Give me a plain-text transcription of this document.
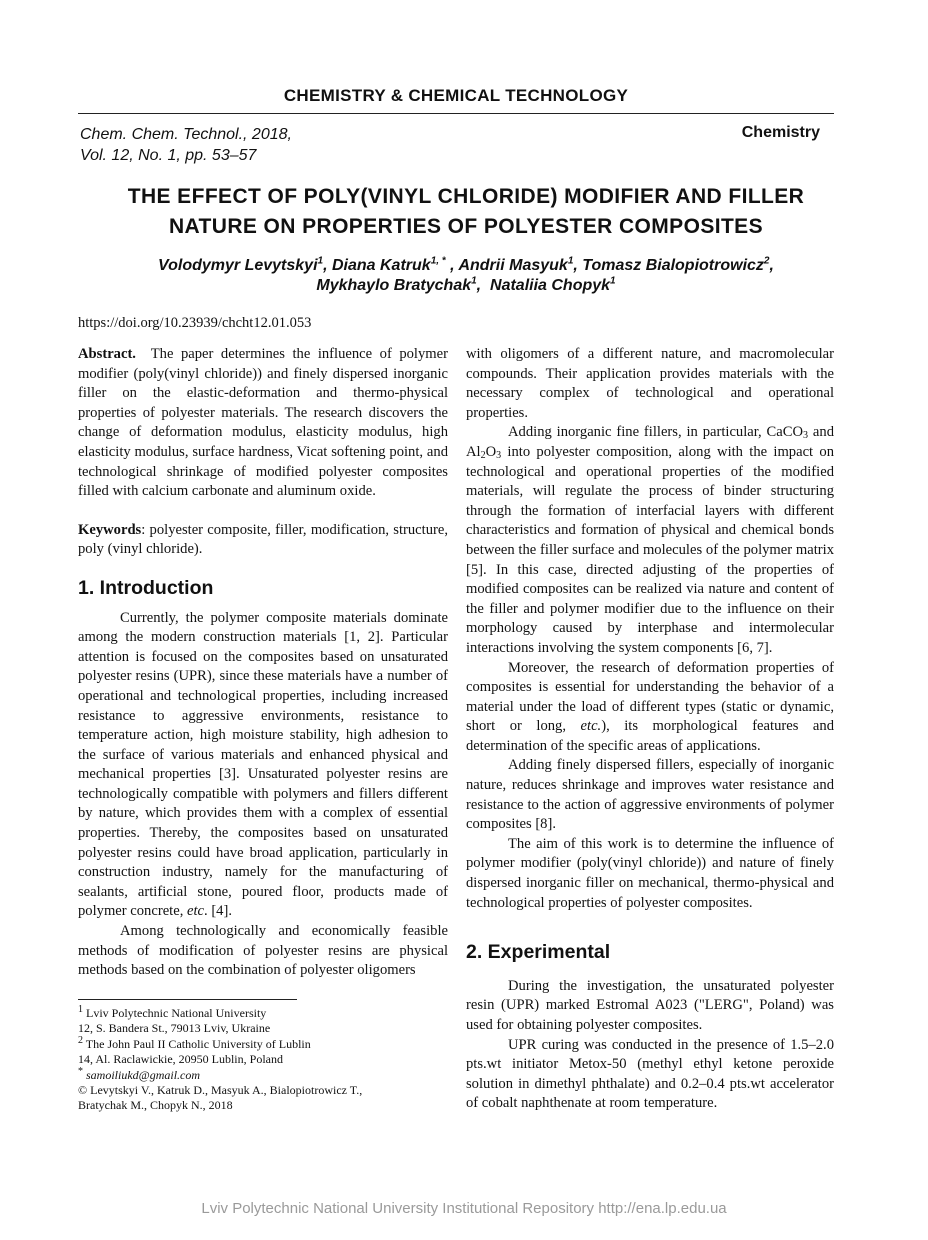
CHEMISTRY & CHEMICAL TECHNOLOGY
Chem. Chem. Technol., 2018,
Vol. 12, No. 1, pp. 53–57
Chemistry
THE EFFECT OF POLY(VINYL CHLORIDE) MODIFIER AND FILLER
NATURE ON PROPERTIES OF POLYESTER COMPOSITES
Volodymyr Levytskyi$^1$, Diana Katruk$^{1, *}$ , Andrii Masyuk$^1$, Tomasz Bialopiotrowicz$^2$,
Mykhaylo Bratychak$^1$,  Nataliia Chopyk$^1$
https://doi.org/10.23939/chcht12.01.053

Abstract. The paper determines the influence of polymer modifier (poly(vinyl chloride)) and finely dispersed inorganic filler on the elastic-deformation and thermo-physical properties of polyester materials. The research discovers the change of deformation modulus, elasticity modulus, high elasticity modulus, surface hardness, Vicat softening point, and technological shrinkage of modified polyester composites filled with calcium carbonate and aluminum oxide.

Keywords: polyester composite, filler, modification, structure, poly (vinyl chloride).

1. Introduction

Currently, the polymer composite materials dominate among the modern construction materials [1, 2]. Particular attention is focused on the composites based on unsaturated polyester resins (UPR), since these materials have a number of operational and technological properties, including increased resistance to aggressive environments, resistance to temperature action, high moisture stability, high adhesion to the surface of various materials and enhanced physical and mechanical properties [3]. Unsaturated polyester resins are technologically compatible with polymers and fillers different by nature, which provides them with a complex of essential properties. Thereby, the composites based on unsaturated polyester resins could have broad application, particularly in construction industry, namely for the manufacturing of sealants, artificial stone, poured floor, products made of polymer concrete, etc. [4].

Among technologically and economically feasible methods of modification of polyester resins are physical methods based on the combination of polyester oligomers

with oligomers of a different nature, and macromolecular compounds. Their application provides materials with the necessary complex of technological and operational properties.

Adding inorganic fine fillers, in particular, CaCO$_3$ and $Al_2O_3$ into polyester composition, along with the impact on technological and operational properties of the modified materials, will regulate the process of binder structuring through the formation of interfacial layers with different characteristics and formation of physical and chemical bonds between the filler surface and molecules of the polymer matrix [5]. In this case, directed adjusting of the properties of modified composites can be realized via nature and content of the filler and polymer modifier due to the influence on their morphology caused by interphase and intermolecular interactions involving the system components [6, 7].

Moreover, the research of deformation properties of composites is essential for understanding the behavior of a material under the load of different types (static or dynamic, short or long, etc.), its morphological features and determination of the specific areas of applications.

Adding finely dispersed fillers, especially of inorganic nature, reduces shrinkage and improves water resistance and resistance to the action of aggressive environments of polymer composites [8].

The aim of this work is to determine the influence of polymer modifier (poly(vinyl chloride)) and nature of finely dispersed inorganic filler on mechanical, thermo-physical and technological properties of polyester composites.

2. Experimental

During the investigation, the unsaturated polyester resin (UPR) marked Estromal A023 ("LERG", Poland) was used for obtaining polyester composites.

UPR curing was conducted in the presence of 1.5–2.0 pts.wt initiator Metox-50 (methyl ethyl ketone peroxide solution in dimethyl phthalate) and 0.2–0.4 pts.wt accelerator of cobalt naphthenate at room temperature.

$^1$ Lviv Polytechnic National University
12, S. Bandera St., 79013 Lviv, Ukraine
$^2$ The John Paul II Catholic University of Lublin
14, Al. Raclawickie, 20950 Lublin, Poland
* samoiliukd@gmail.com
© Levytskyi V., Katruk D., Masyuk A., Bialopiotrowicz T.,
Bratychak M., Chopyk N., 2018
Lviv Polytechnic National University Institutional Repository http://ena.lp.edu.ua
